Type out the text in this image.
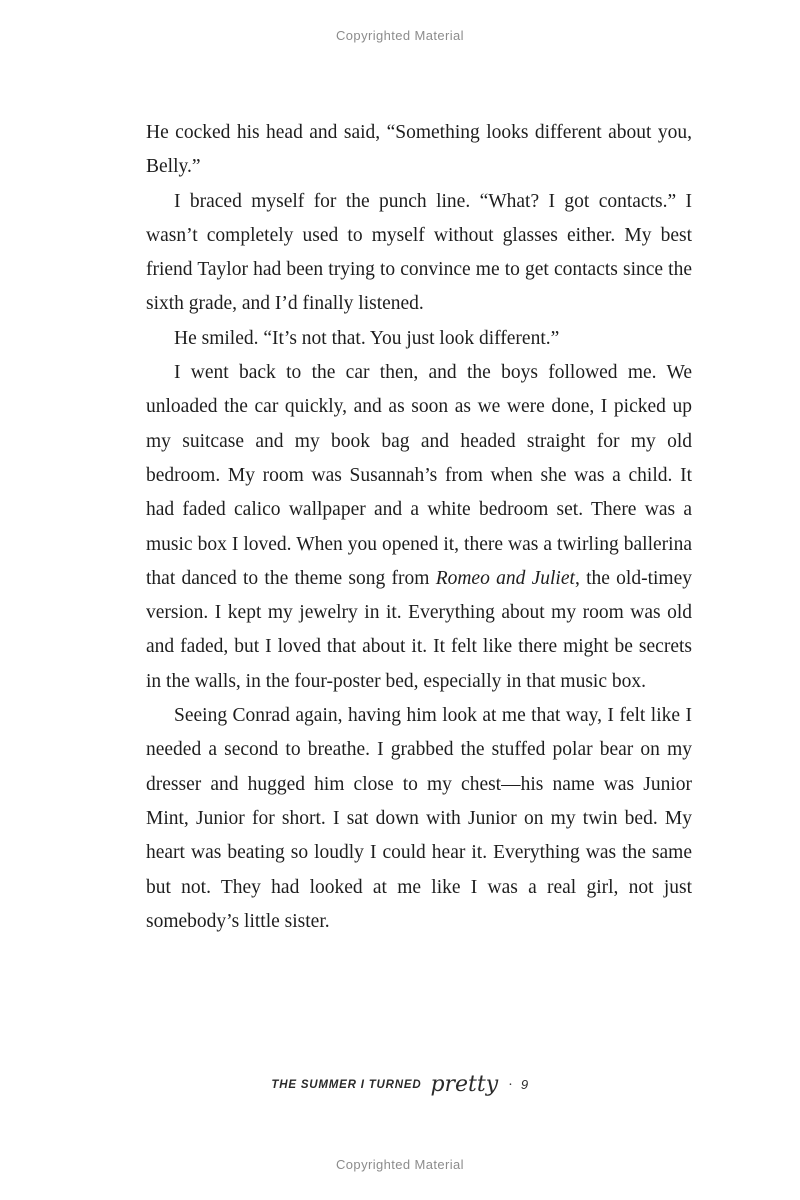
Copyrighted Material

He cocked his head and said, “Something looks different about you, Belly.”

I braced myself for the punch line. “What? I got contacts.” I wasn’t completely used to myself without glasses either. My best friend Taylor had been trying to convince me to get contacts since the sixth grade, and I’d finally listened.

He smiled. “It’s not that. You just look different.”

I went back to the car then, and the boys followed me. We unloaded the car quickly, and as soon as we were done, I picked up my suitcase and my book bag and headed straight for my old bedroom. My room was Susannah’s from when she was a child. It had faded calico wallpaper and a white bedroom set. There was a music box I loved. When you opened it, there was a twirling ballerina that danced to the theme song from Romeo and Juliet, the old-timey version. I kept my jewelry in it. Everything about my room was old and faded, but I loved that about it. It felt like there might be secrets in the walls, in the four-poster bed, especially in that music box.

Seeing Conrad again, having him look at me that way, I felt like I needed a second to breathe. I grabbed the stuffed polar bear on my dresser and hugged him close to my chest—his name was Junior Mint, Junior for short. I sat down with Junior on my twin bed. My heart was beating so loudly I could hear it. Everything was the same but not. They had looked at me like I was a real girl, not just somebody’s little sister.

THE SUMMER I TURNED pretty · 9
Copyrighted Material
